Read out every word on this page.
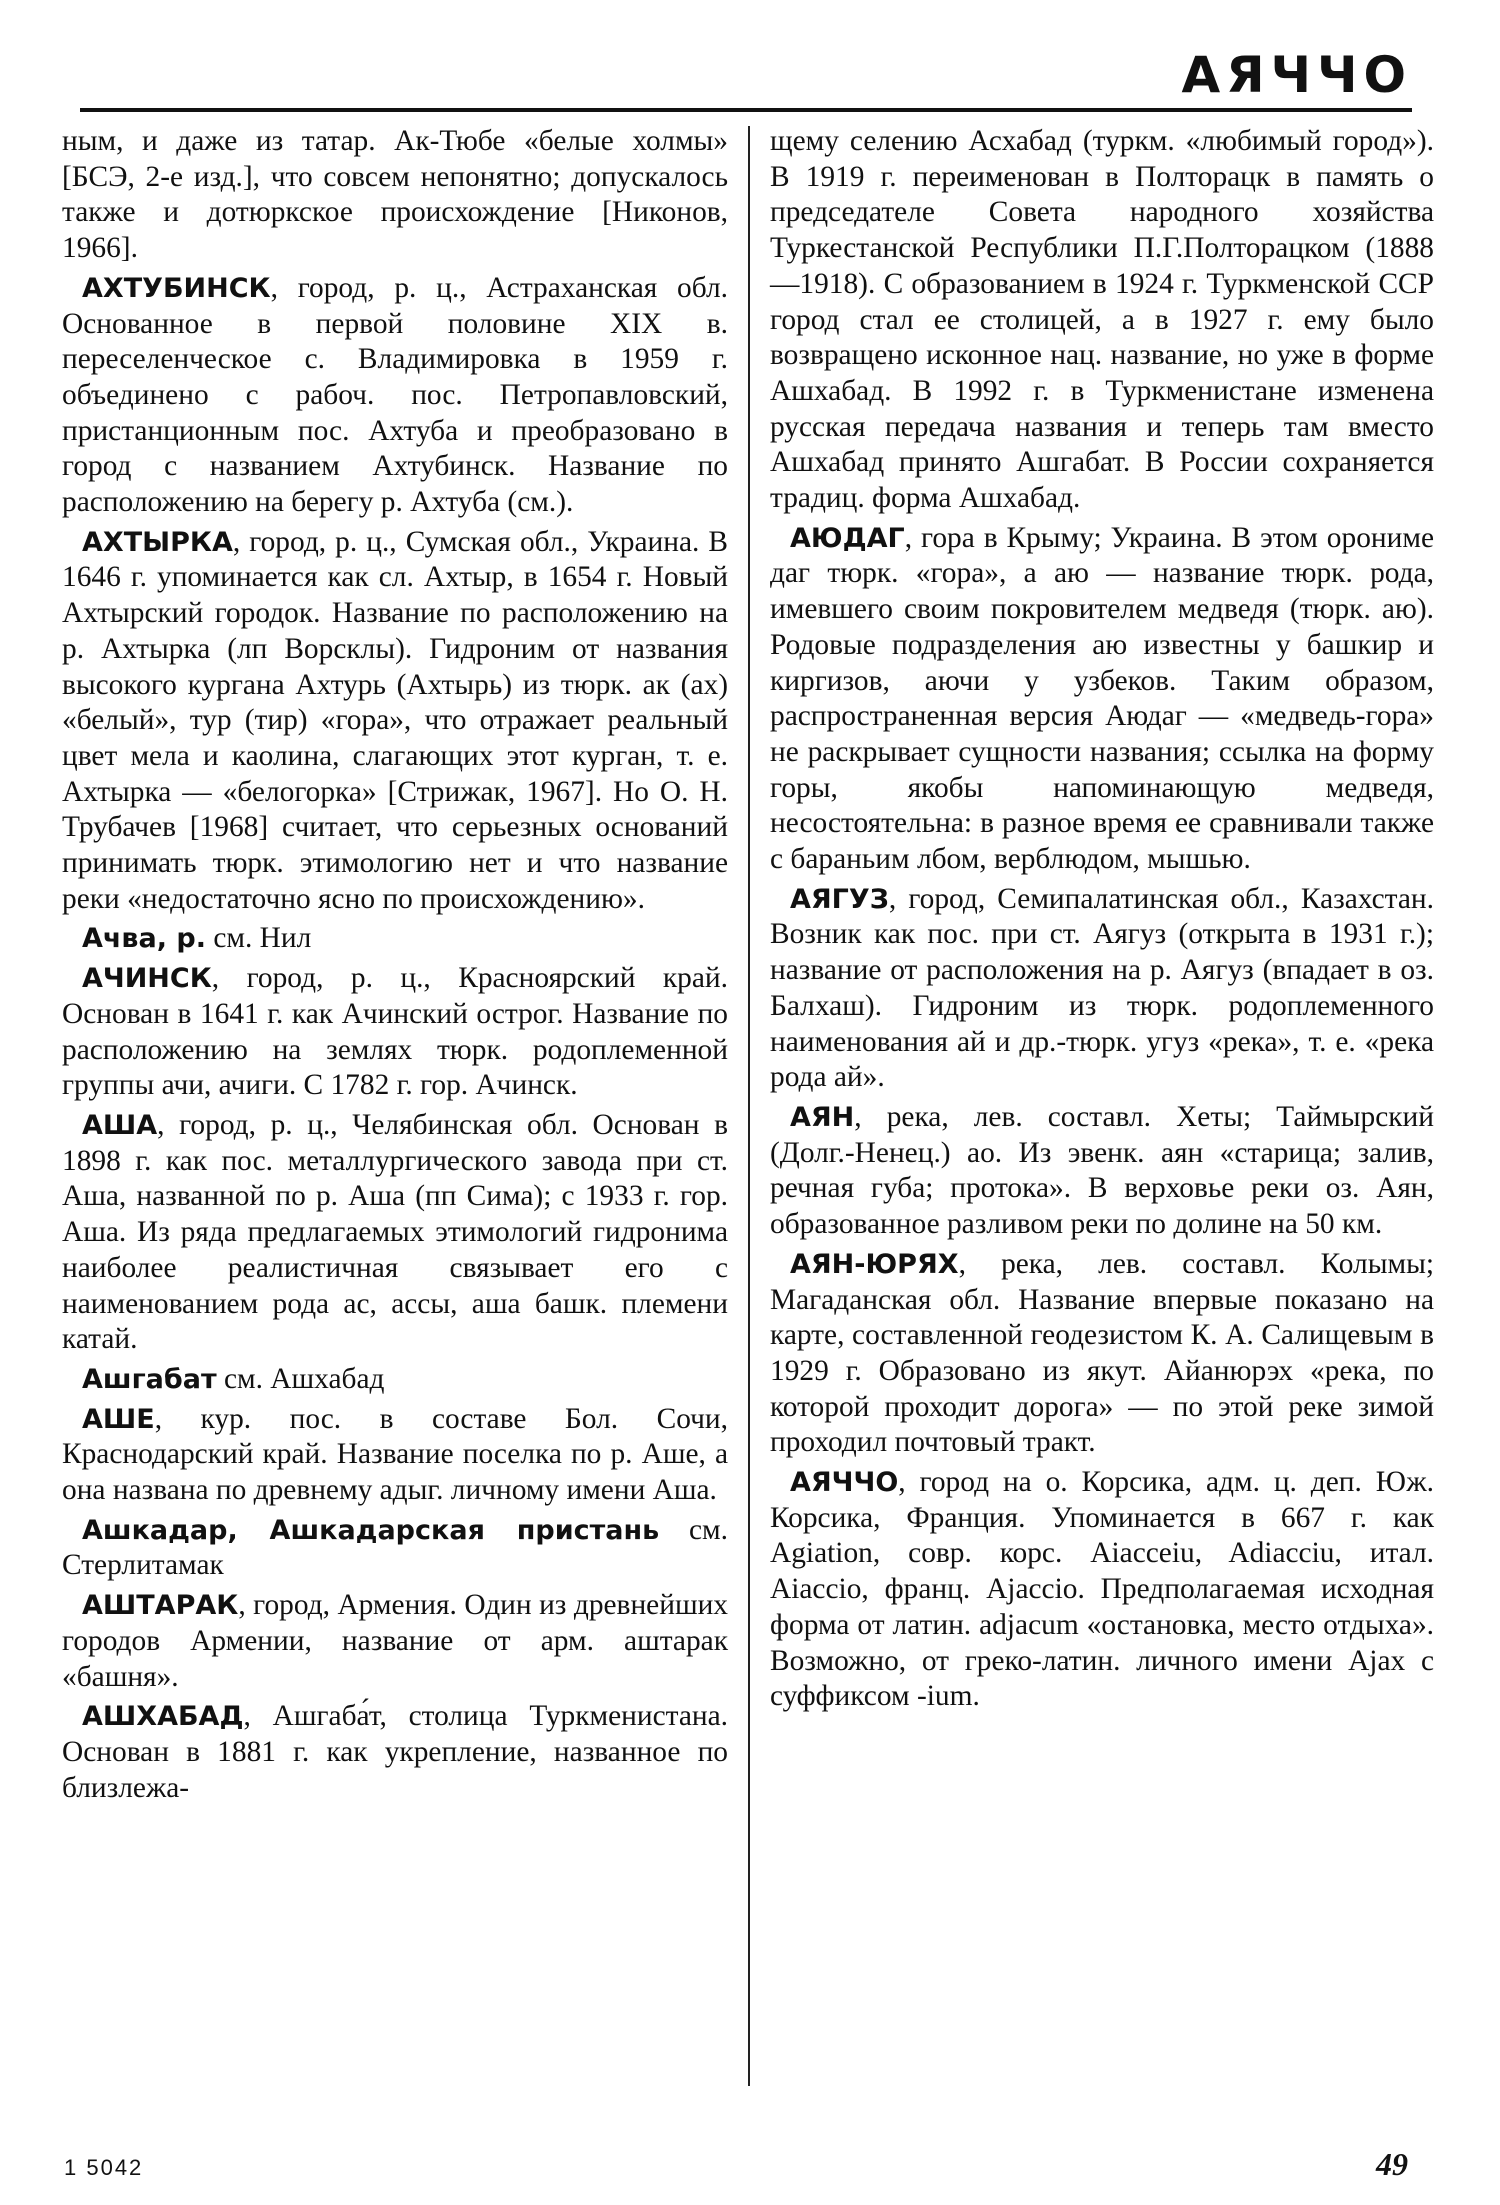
АЯЧЧО

ным, и даже из татар. Ак-Тюбе «белые холмы» [БСЭ, 2-е изд.], что совсем непонятно; допускалось также и дотюркское происхождение [Никонов, 1966].

АХТУБИНСК, город, р. ц., Астраханская обл. Основанное в первой половине XIX в. переселенческое с. Владимировка в 1959 г. объединено с рабоч. пос. Петропавловский, пристанционным пос. Ахтуба и преобразовано в город с названием Ахтубинск. Название по расположению на берегу р. Ахтуба (см.).

АХТЫРКА, город, р. ц., Сумская обл., Украина. В 1646 г. упоминается как сл. Ахтыр, в 1654 г. Новый Ахтырский городок. Название по расположению на р. Ахтырка (лп Ворсклы). Гидроним от названия высокого кургана Ахтурь (Ахтырь) из тюрк. ак (ах) «белый», тур (тир) «гора», что отражает реальный цвет мела и каолина, слагающих этот курган, т. е. Ахтырка — «белогорка» [Стрижак, 1967]. Но О. Н. Трубачев [1968] считает, что серьезных оснований принимать тюрк. этимологию нет и что название реки «недостаточно ясно по происхождению».

Ачва, р. см. Нил

АЧИНСК, город, р. ц., Красноярский край. Основан в 1641 г. как Ачинский острог. Название по расположению на землях тюрк. родоплеменной группы ачи, ачиги. С 1782 г. гор. Ачинск.

АША, город, р. ц., Челябинская обл. Основан в 1898 г. как пос. металлургического завода при ст. Аша, названной по р. Аша (пп Сима); с 1933 г. гор. Аша. Из ряда предлагаемых этимологий гидронима наиболее реалистичная связывает его с наименованием рода ас, ассы, аша башк. племени катай.

Ашгабат см. Ашхабад

АШЕ, кур. пос. в составе Бол. Сочи, Краснодарский край. Название поселка по р. Аше, а она названа по древнему адыг. личному имени Аша.

Ашкадар, Ашкадарская пристань см. Стерлитамак

АШТАРАК, город, Армения. Один из древнейших городов Армении, название от арм. аштарак «башня».

АШХАБАД, Ашгаба́т, столица Туркменистана. Основан в 1881 г. как укрепление, названное по близлежа-

щему селению Асхабад (туркм. «любимый город»). В 1919 г. переименован в Полторацк в память о председателе Совета народного хозяйства Туркестанской Республики П.Г.Полторацком (1888—1918). С образованием в 1924 г. Туркменской ССР город стал ее столицей, а в 1927 г. ему было возвращено исконное нац. название, но уже в форме Ашхабад. В 1992 г. в Туркменистане изменена русская передача названия и теперь там вместо Ашхабад принято Ашгабат. В России сохраняется традиц. форма Ашхабад.

АЮДАГ, гора в Крыму; Украина. В этом орониме даг тюрк. «гора», а аю — название тюрк. рода, имевшего своим покровителем медведя (тюрк. аю). Родовые подразделения аю известны у башкир и киргизов, аючи у узбеков. Таким образом, распространенная версия Аюдаг — «медведь-гора» не раскрывает сущности названия; ссылка на форму горы, якобы напоминающую медведя, несостоятельна: в разное время ее сравнивали также с бараньим лбом, верблюдом, мышью.

АЯГУЗ, город, Семипалатинская обл., Казахстан. Возник как пос. при ст. Аягуз (открыта в 1931 г.); название от расположения на р. Аягуз (впадает в оз. Балхаш). Гидроним из тюрк. родоплеменного наименования ай и др.-тюрк. угуз «река», т. е. «река рода ай».

АЯН, река, лев. составл. Хеты; Таймырский (Долг.-Ненец.) ао. Из эвенк. аян «старица; залив, речная губа; протока». В верховье реки оз. Аян, образованное разливом реки по долине на 50 км.

АЯН-ЮРЯХ, река, лев. составл. Колымы; Магаданская обл. Название впервые показано на карте, составленной геодезистом К. А. Салищевым в 1929 г. Образовано из якут. Айанюрэх «река, по которой проходит дорога» — по этой реке зимой проходил почтовый тракт.

АЯЧЧО, город на о. Корсика, адм. ц. деп. Юж. Корсика, Франция. Упоминается в 667 г. как Agiation, совр. корс. Aiacceiu, Adiacciu, итал. Aiaccio, франц. Ajaccio. Предполагаемая исходная форма от латин. adjacum «остановка, место отдыха». Возможно, от греко-латин. личного имени Ajax с суффиксом -ium.

1 5042	49
